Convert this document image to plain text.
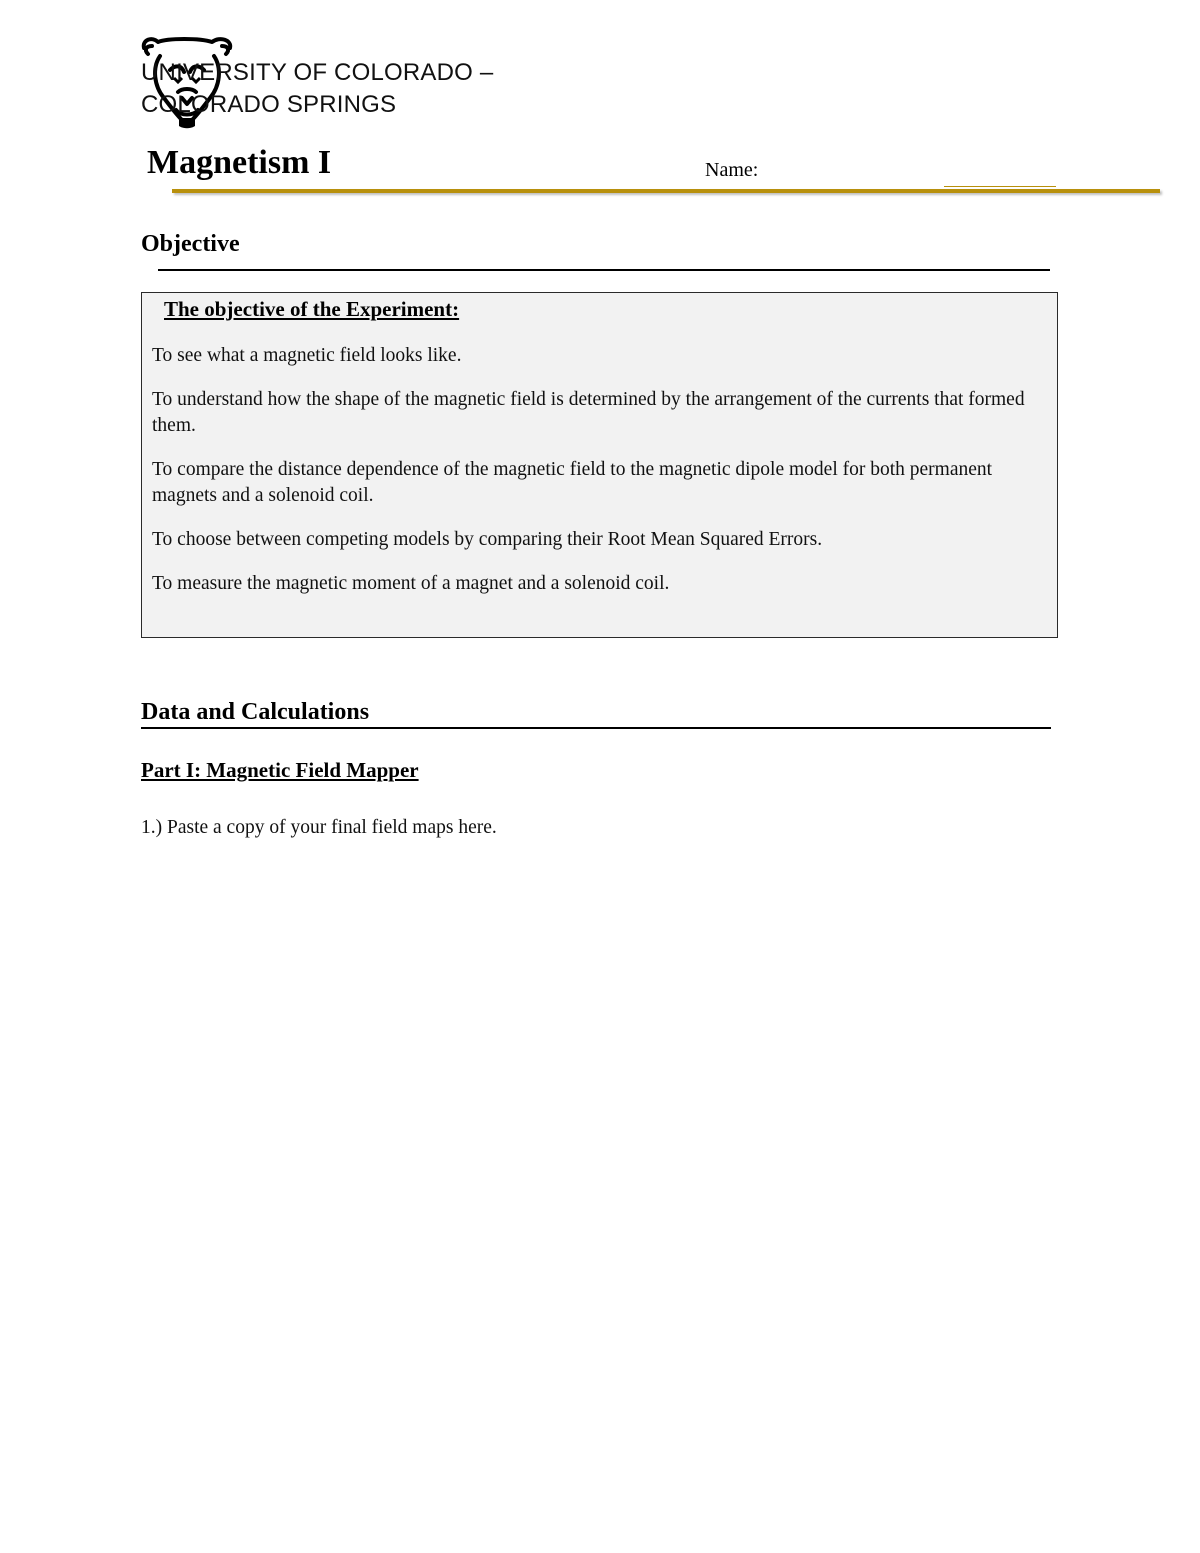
UNIVERSITY OF COLORADO –
COLORADO SPRINGS
Magnetism I	Name:
Objective
The objective of the Experiment:
To see what a magnetic field looks like.
To understand how the shape of the magnetic field is determined by the arrangement of the currents that formed them.
To compare the distance dependence of the magnetic field to the magnetic dipole model for both permanent magnets and a solenoid coil.
To choose between competing models by comparing their Root Mean Squared Errors.
To measure the magnetic moment of a magnet and a solenoid coil.
Data and Calculations
Part I: Magnetic Field Mapper
1.) Paste a copy of your final field maps here.
